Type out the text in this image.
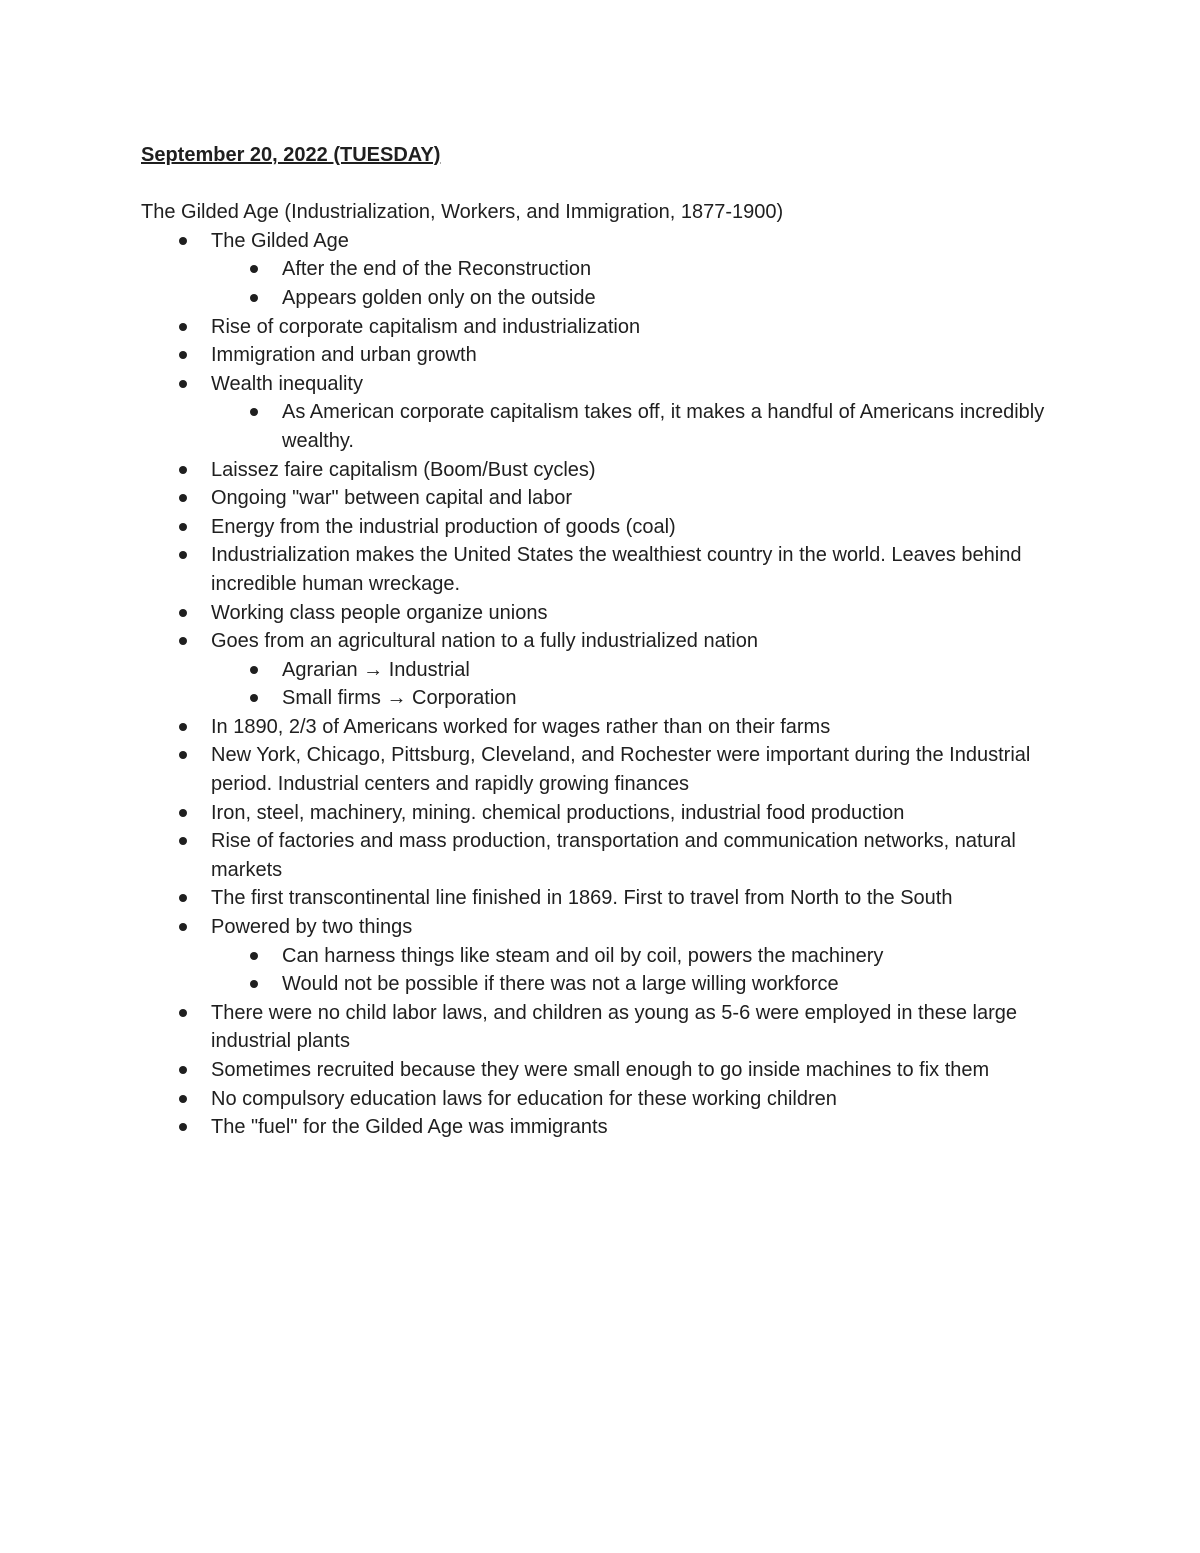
September 20, 2022 (TUESDAY)

The Gilded Age (Industrialization, Workers, and Immigration, 1877-1900)

The Gilded Age
After the end of the Reconstruction
Appears golden only on the outside
Rise of corporate capitalism and industrialization
Immigration and urban growth
Wealth inequality
As American corporate capitalism takes off, it makes a handful of Americans incredibly wealthy.
Laissez faire capitalism (Boom/Bust cycles)
Ongoing "war" between capital and labor
Energy from the industrial production of goods (coal)
Industrialization makes the United States the wealthiest country in the world. Leaves behind incredible human wreckage.
Working class people organize unions
Goes from an agricultural nation to a fully industrialized nation
Agrarian → Industrial
Small firms → Corporation
In 1890, 2/3 of Americans worked for wages rather than on their farms
New York, Chicago, Pittsburg, Cleveland, and Rochester were important during the Industrial period. Industrial centers and rapidly growing finances
Iron, steel, machinery, mining. chemical productions, industrial food production
Rise of factories and mass production, transportation and communication networks, natural markets
The first transcontinental line finished in 1869. First to travel from North to the South
Powered by two things
Can harness things like steam and oil by coil, powers the machinery
Would not be possible if there was not a large willing workforce
There were no child labor laws, and children as young as 5-6 were employed in these large industrial plants
Sometimes recruited because they were small enough to go inside machines to fix them
No compulsory education laws for education for these working children
The "fuel" for the Gilded Age was immigrants
